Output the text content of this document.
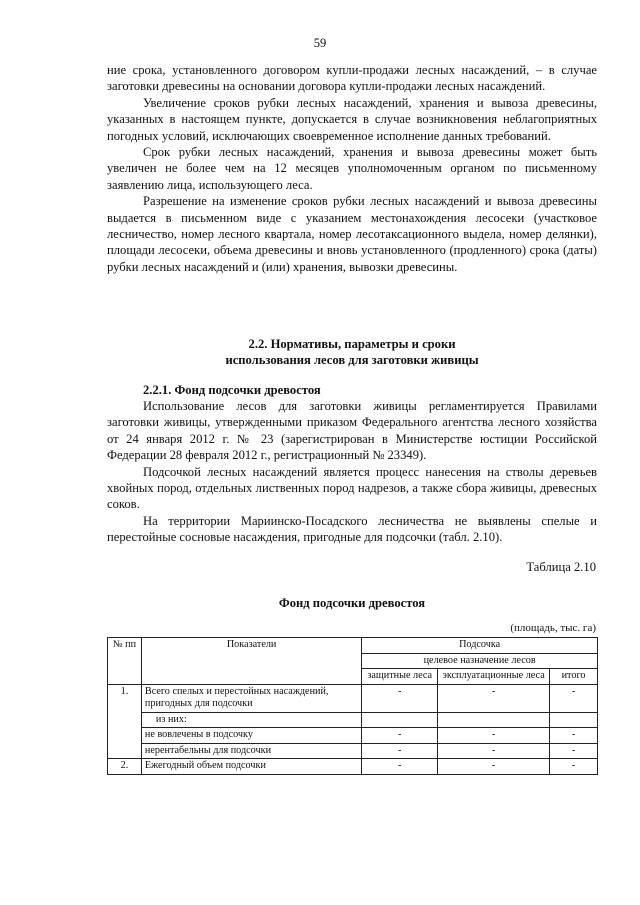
59

ние срока, установленного договором купли-продажи лесных насаждений, – в случае заготовки древесины на основании договора купли-продажи лесных насаждений.

Увеличение сроков рубки лесных насаждений, хранения и вывоза древесины, указанных в настоящем пункте, допускается в случае возникновения неблагоприятных погодных условий, исключающих своевременное исполнение данных требований.

Срок рубки лесных насаждений, хранения и вывоза древесины может быть увеличен не более чем на 12 месяцев уполномоченным органом по письменному заявлению лица, использующего леса.

Разрешение на изменение сроков рубки лесных насаждений и вывоза древесины выдается в письменном виде с указанием местонахождения лесосеки (участковое лесничество, номер лесного квартала, номер лесотаксационного выдела, номер делянки), площади лесосеки, объема древесины и вновь установленного (продленного) срока (даты) рубки лесных насаждений и (или) хранения, вывозки древесины.

2.2. Нормативы, параметры и сроки
использования лесов для заготовки живицы
2.2.1. Фонд подсочки древостоя

Использование лесов для заготовки живицы регламентируется Правилами заготовки живицы, утвержденными приказом Федерального агентства лесного хозяйства от 24 января 2012 г. № 23 (зарегистрирован в Министерстве юстиции Российской Федерации 28 февраля 2012 г., регистрационный № 23349).

Подсочкой лесных насаждений является процесс нанесения на стволы деревьев хвойных пород, отдельных лиственных пород надрезов, а также сбора живицы, древесных соков.

На территории Мариинско-Посадского лесничества не выявлены спелые и перестойные сосновые насаждения, пригодные для подсочки (табл. 2.10).

Таблица 2.10
Фонд подсочки древостоя
(площадь, тыс. га)
№ пп	Показатели	Подсочка		
		целевое назначение лесов		
		защитные леса	эксплуатационные леса	итого
1.	Всего спелых и перестойных насаждений, пригодных для подсочки	-	-	-
	из них:			
	не вовлечены в подсочку	-	-	-
	нерентабельны для подсочки	-	-	-
2.	Ежегодный объем подсочки	-	-	-
